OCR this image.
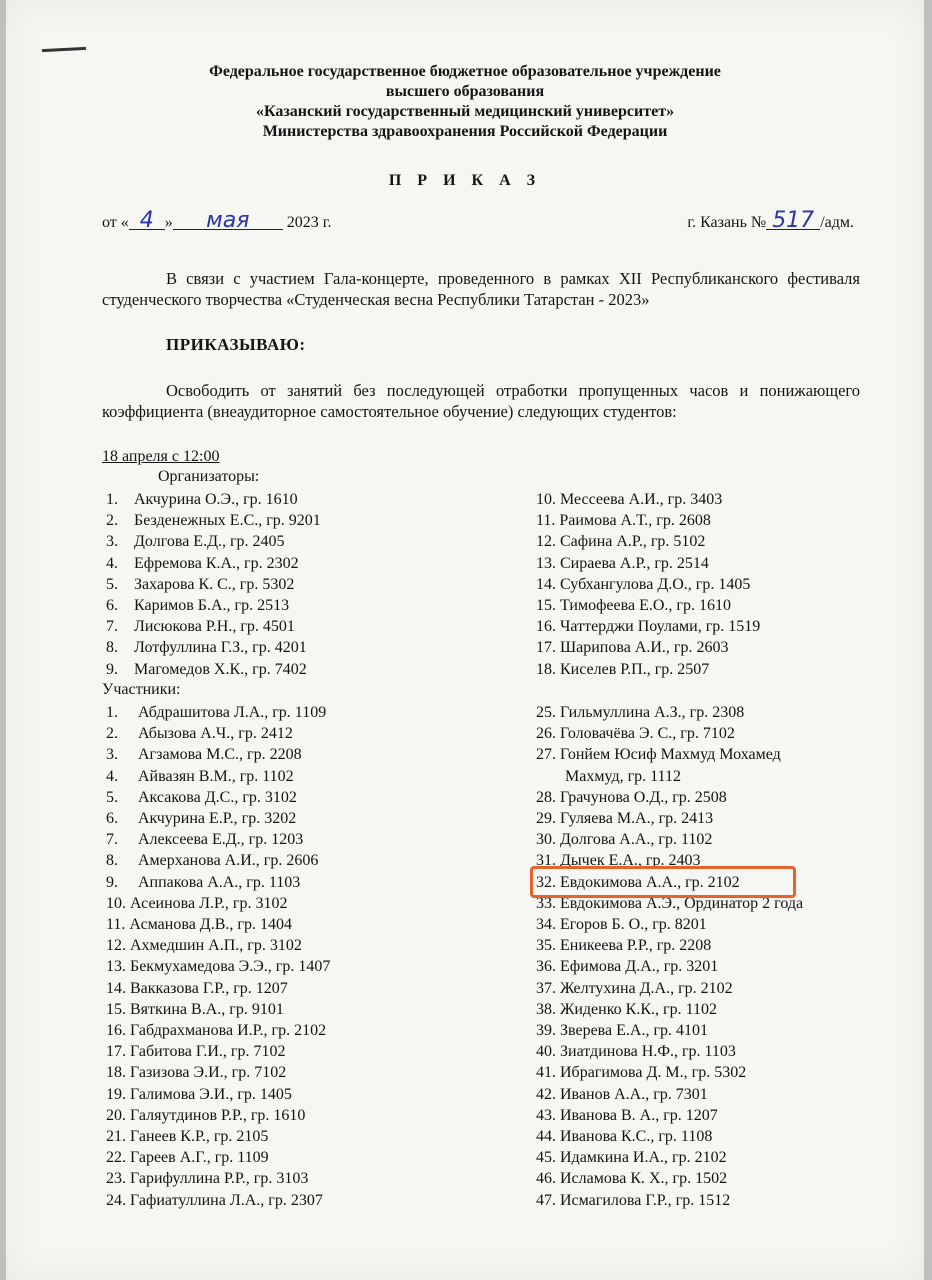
Федеральное государственное бюджетное образовательное учреждение
высшего образования
«Казанский государственный медицинский университет»
Министерства здравоохранения Российской Федерации
П Р И К А З
от « 4 » мая 2023 г.	г. Казань № 517 /адм.
В связи с участием Гала-концерте, проведенного в рамках XII Республиканского фестиваля студенческого творчества «Студенческая весна Республики Татарстан - 2023»
ПРИКАЗЫВАЮ:
Освободить от занятий без последующей отработки пропущенных часов и понижающего коэффициента (внеаудиторное самостоятельное обучение) следующих студентов:
18 апреля с 12:00
Организаторы:
1. Акчурина О.Э., гр. 1610
2. Безденежных Е.С., гр. 9201
3. Долгова Е.Д., гр. 2405
4. Ефремова К.А., гр. 2302
5. Захарова К. С., гр. 5302
6. Каримов Б.А., гр. 2513
7. Лисюкова Р.Н., гр. 4501
8. Лотфуллина Г.З., гр. 4201
9. Магомедов Х.К., гр. 7402
10. Мессеева А.И., гр. 3403
11. Раимова А.Т., гр. 2608
12. Сафина А.Р., гр. 5102
13. Сираева А.Р., гр. 2514
14. Субхангулова Д.О., гр. 1405
15. Тимофеева Е.О., гр. 1610
16. Чаттерджи Поулами, гр. 1519
17. Шарипова А.И., гр. 2603
18. Киселев Р.П., гр. 2507
Участники:
1. Абдрашитова Л.А., гр. 1109
2. Абызова А.Ч., гр. 2412
3. Агзамова М.С., гр. 2208
4. Айвазян В.М., гр. 1102
5. Аксакова Д.С., гр. 3102
6. Акчурина Е.Р., гр. 3202
7. Алексеева Е.Д., гр. 1203
8. Амерханова А.И., гр. 2606
9. Аппакова А.А., гр. 1103
10. Асеинова Л.Р., гр. 3102
11. Асманова Д.В., гр. 1404
12. Ахмедшин А.П., гр. 3102
13. Бекмухамедова Э.Э., гр. 1407
14. Вакказова Г.Р., гр. 1207
15. Вяткина В.А., гр. 9101
16. Габдрахманова И.Р., гр. 2102
17. Габитова Г.И., гр. 7102
18. Газизова Э.И., гр. 7102
19. Галимова Э.И., гр. 1405
20. Галяутдинов Р.Р., гр. 1610
21. Ганеев К.Р., гр. 2105
22. Гареев А.Г., гр. 1109
23. Гарифуллина Р.Р., гр. 3103
24. Гафиатуллина Л.А., гр. 2307
25. Гильмуллина А.З., гр. 2308
26. Головачёва Э. С., гр. 7102
27. Гонйем Юсиф Махмуд Мохамед
Махмуд, гр. 1112
28. Грачунова О.Д., гр. 2508
29. Гуляева М.А., гр. 2413
30. Долгова А.А., гр. 1102
31. Дычек Е.А., гр. 2403
32. Евдокимова А.А., гр. 2102
33. Евдокимова А.Э., Ординатор 2 года
34. Егоров Б. О., гр. 8201
35. Еникеева Р.Р., гр. 2208
36. Ефимова Д.А., гр. 3201
37. Желтухина Д.А., гр. 2102
38. Жиденко К.К., гр. 1102
39. Зверева Е.А., гр. 4101
40. Зиатдинова Н.Ф., гр. 1103
41. Ибрагимова Д. М., гр. 5302
42. Иванов А.А., гр. 7301
43. Иванова В. А., гр. 1207
44. Иванова К.С., гр. 1108
45. Идамкина И.А., гр. 2102
46. Исламова К. Х., гр. 1502
47. Исмагилова Г.Р., гр. 1512
